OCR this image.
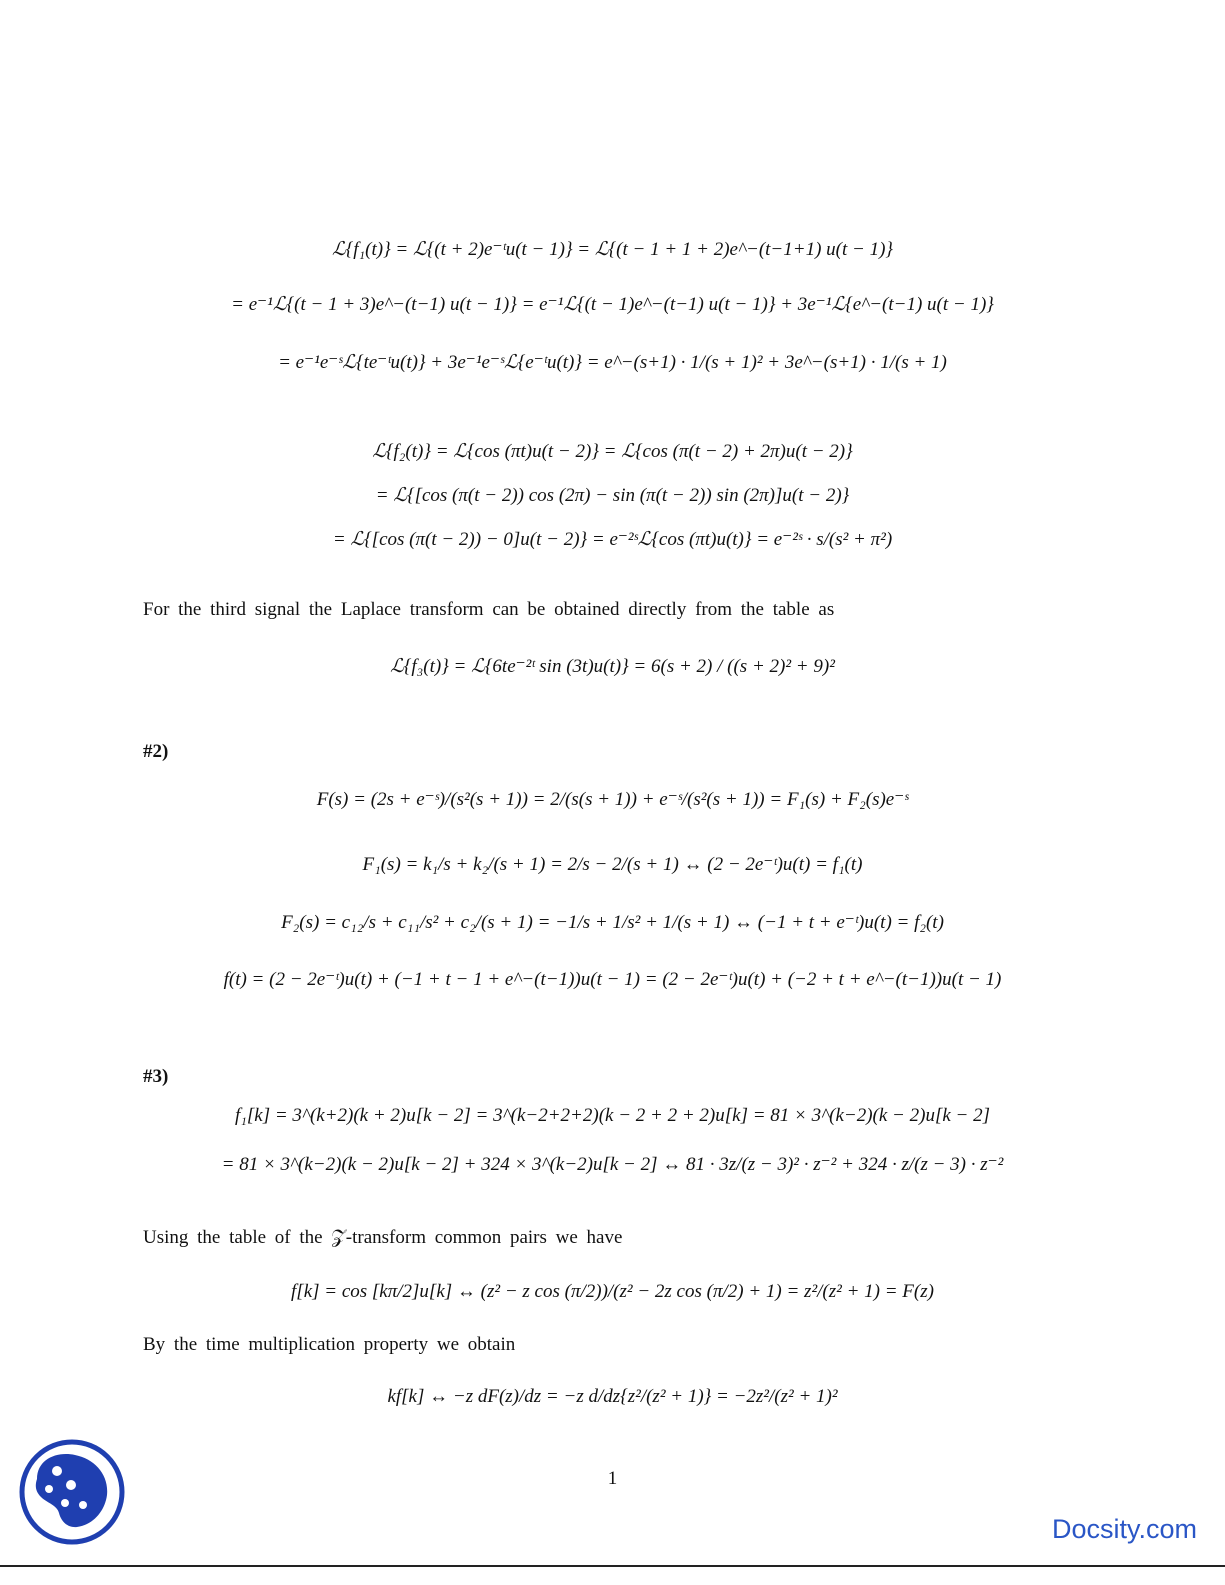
ℒ{f₁(t)} = ℒ{(t + 2)e⁻ᵗu(t − 1)} = ℒ{(t − 1 + 1 + 2)e^−(t−1+1) u(t − 1)}
= e⁻¹ℒ{(t − 1 + 3)e^−(t−1) u(t − 1)} = e⁻¹ℒ{(t − 1)e^−(t−1) u(t − 1)} + 3e⁻¹ℒ{e^−(t−1) u(t − 1)}
= e⁻¹e⁻ˢℒ{te⁻ᵗu(t)} + 3e⁻¹e⁻ˢℒ{e⁻ᵗu(t)} = e^−(s+1) · 1/(s + 1)² + 3e^−(s+1) · 1/(s + 1)
ℒ{f₂(t)} = ℒ{cos (πt)u(t − 2)} = ℒ{cos (π(t − 2) + 2π)u(t − 2)}
= ℒ{[cos (π(t − 2)) cos (2π) − sin (π(t − 2)) sin (2π)]u(t − 2)}
= ℒ{[cos (π(t − 2)) − 0]u(t − 2)} = e⁻²ˢℒ{cos (πt)u(t)} = e⁻²ˢ · s/(s² + π²)
For the third signal the Laplace transform can be obtained directly from the table as
ℒ{f₃(t)} = ℒ{6te⁻²ᵗ sin (3t)u(t)} = 6(s + 2) / ((s + 2)² + 9)²
#2)
F(s) = (2s + e⁻ˢ)/(s²(s + 1)) = 2/(s(s + 1)) + e⁻ˢ/(s²(s + 1)) = F₁(s) + F₂(s)e⁻ˢ
F₁(s) = k₁/s + k₂/(s + 1) = 2/s − 2/(s + 1) ↔ (2 − 2e⁻ᵗ)u(t) = f₁(t)
F₂(s) = c₁₂/s + c₁₁/s² + c₂/(s + 1) = −1/s + 1/s² + 1/(s + 1) ↔ (−1 + t + e⁻ᵗ)u(t) = f₂(t)
f(t) = (2 − 2e⁻ᵗ)u(t) + (−1 + t − 1 + e^−(t−1))u(t − 1) = (2 − 2e⁻ᵗ)u(t) + (−2 + t + e^−(t−1))u(t − 1)
#3)
f₁[k] = 3^(k+2)(k + 2)u[k − 2] = 3^(k−2+2+2)(k − 2 + 2 + 2)u[k] = 81 × 3^(k−2)(k − 2)u[k − 2]
= 81 × 3^(k−2)(k − 2)u[k − 2] + 324 × 3^(k−2)u[k − 2] ↔ 81 · 3z/(z − 3)² · z⁻² + 324 · z/(z − 3) · z⁻²
Using the table of the 𝒵-transform common pairs we have
f[k] = cos [kπ/2]u[k] ↔ (z² − z cos (π/2))/(z² − 2z cos (π/2) + 1) = z²/(z² + 1) = F(z)
By the time multiplication property we obtain
kf[k] ↔ −z dF(z)/dz = −z d/dz{z²/(z² + 1)} = −2z²/(z² + 1)²
1
Docsity.com
